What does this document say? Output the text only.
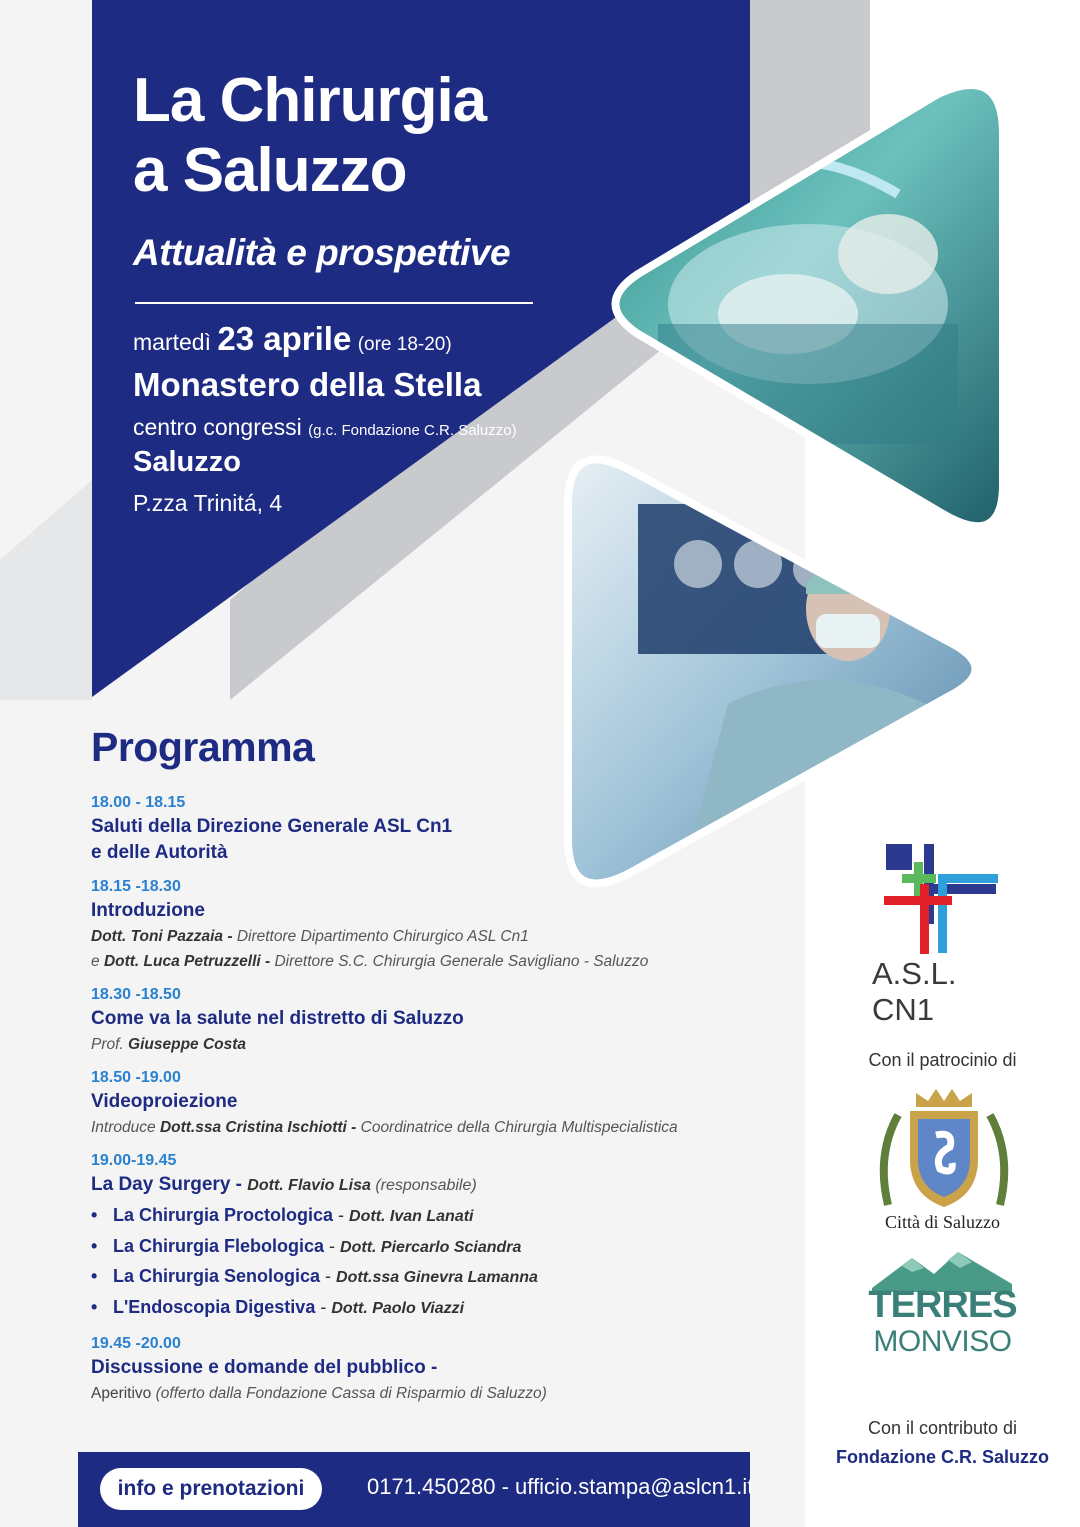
La Chirurgia
a Saluzzo
Attualità e prospettive

martedì 23 aprile (ore 18-20)

Monastero della Stella

centro congressi (g.c. Fondazione C.R. Saluzzo)

Saluzzo

P.zza Trinitá, 4

Programma
18.00 - 18.15
Saluti della Direzione Generale ASL Cn1
e delle Autorità
18.15 -18.30
Introduzione
Dott. Toni Pazzaia - Direttore Dipartimento Chirurgico ASL Cn1
e Dott. Luca Petruzzelli - Direttore S.C. Chirurgia Generale Savigliano - Saluzzo
18.30 -18.50
Come va la salute nel distretto di Saluzzo
Prof. Giuseppe Costa
18.50 -19.00
Videoproiezione
Introduce Dott.ssa Cristina Ischiotti - Coordinatrice della Chirurgia Multispecialistica
19.00-19.45
La Day Surgery - Dott. Flavio Lisa (responsabile)
• La Chirurgia Proctologica - Dott. Ivan Lanati
• La Chirurgia Flebologica - Dott. Piercarlo Sciandra
• La Chirurgia Senologica - Dott.ssa Ginevra Lamanna
• L'Endoscopia Digestiva - Dott. Paolo Viazzi
19.45 -20.00
Discussione e domande del pubblico -
Aperitivo (offerto dalla Fondazione Cassa di Risparmio di Saluzzo)

A.S.L. CN1

Con il patrocinio di

Città di Saluzzo

TERRES

MONVISO

Con il contributo di

Fondazione C.R. Saluzzo

info e prenotazioni	0171.450280 - ufficio.stampa@aslcn1.it
